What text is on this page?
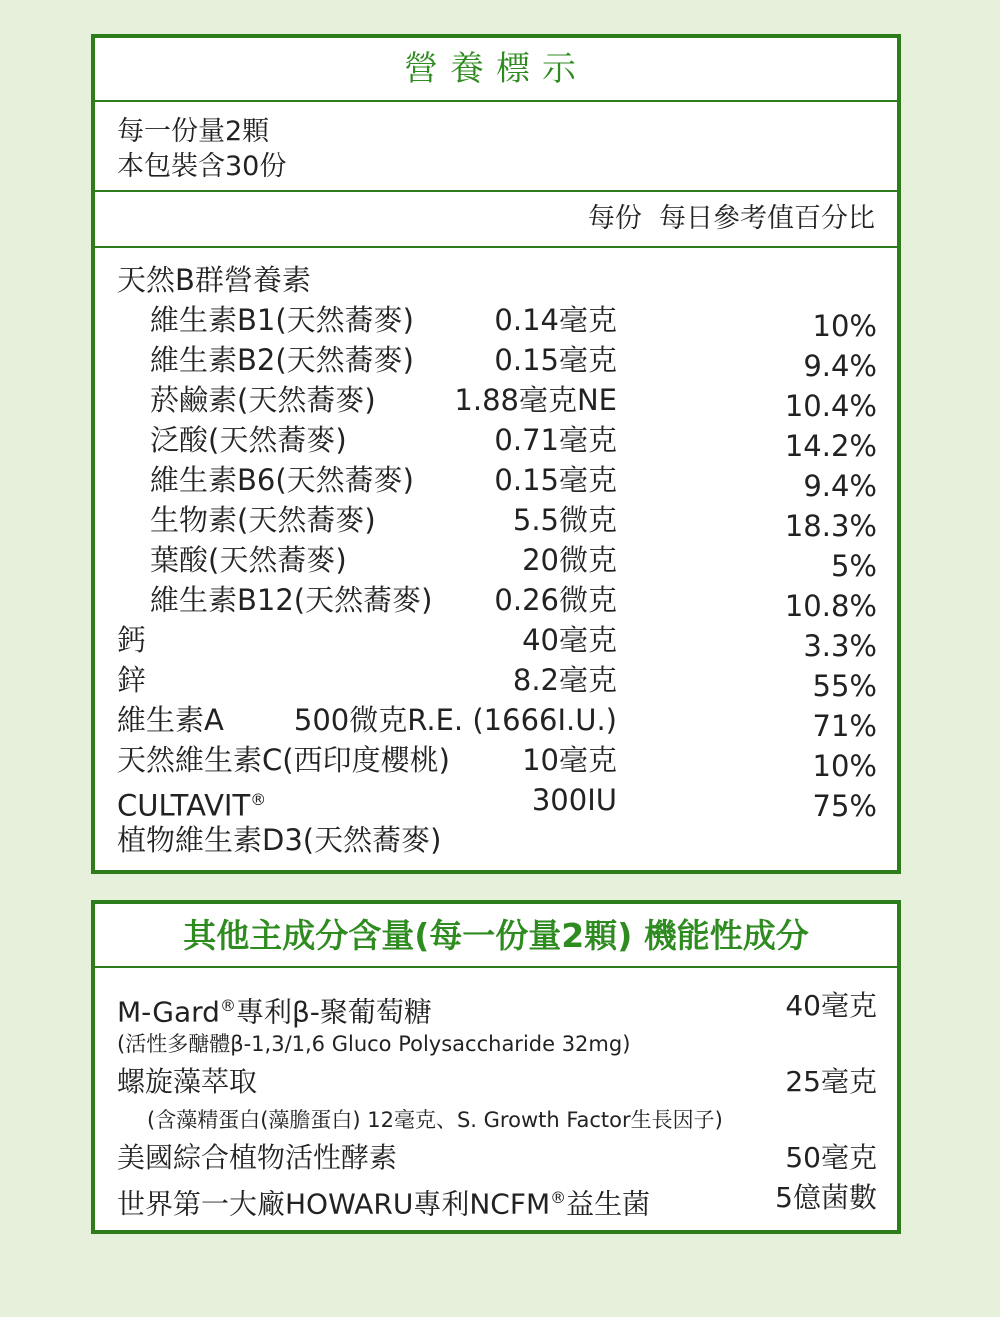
營養標示
每一份量2顆
本包裝含30份
每份  每日參考值百分比
天然B群營養素
維生素B1(天然蕎麥)	0.14毫克	10%
維生素B2(天然蕎麥)	0.15毫克	9.4%
菸鹼素(天然蕎麥)	1.88毫克NE	10.4%
泛酸(天然蕎麥)	0.71毫克	14.2%
維生素B6(天然蕎麥)	0.15毫克	9.4%
生物素(天然蕎麥)	5.5微克	18.3%
葉酸(天然蕎麥)	20微克	5%
維生素B12(天然蕎麥) 0.26微克	10.8%
鈣	40毫克	3.3%
鋅	8.2毫克	55%
維生素A 500微克R.E. (1666I.U.)	71%
天然維生素C(西印度櫻桃) 10毫克	10%
CULTAVIT®	300IU	75%
植物維生素D3(天然蕎麥)
其他主成分含量(每一份量2顆) 機能性成分
M-Gard®專利β-聚葡萄糖	40毫克
(活性多醣體β-1,3/1,6 Gluco Polysaccharide 32mg)
螺旋藻萃取	25毫克
(含藻精蛋白(藻膽蛋白) 12毫克、S. Growth Factor生長因子)
美國綜合植物活性酵素	50毫克
世界第一大廠HOWARU專利NCFM®益生菌	5億菌數
